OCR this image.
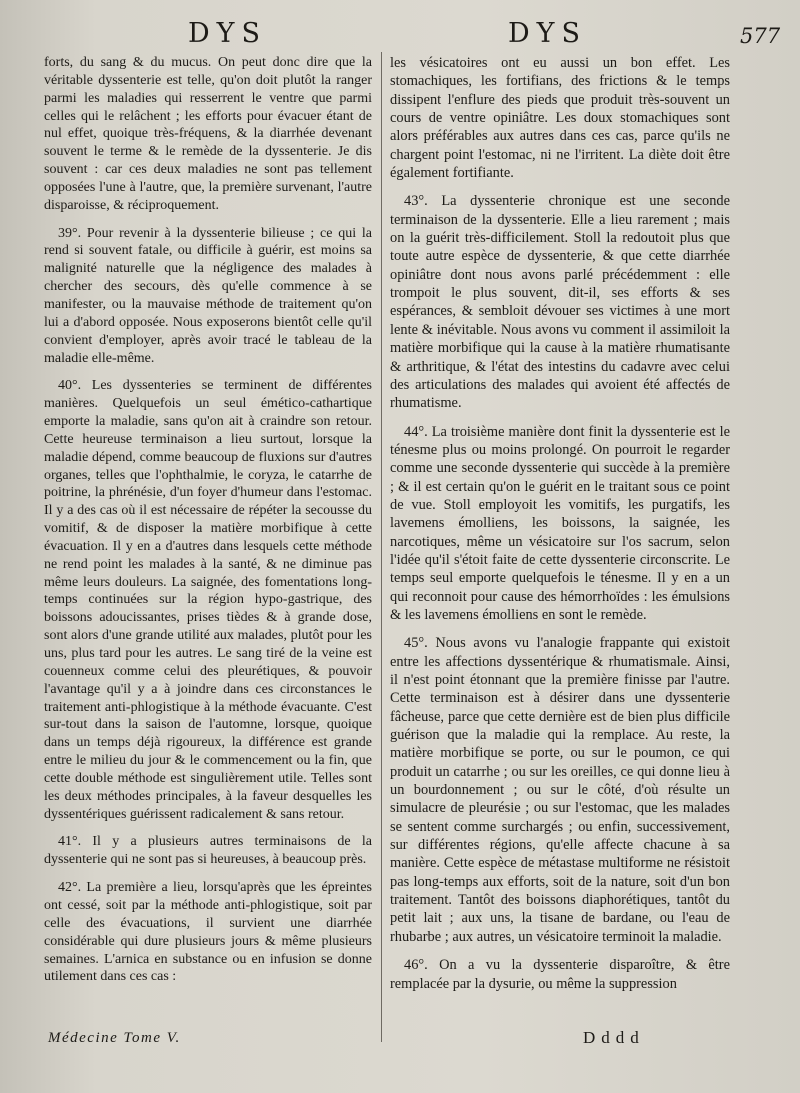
DYS	DYS	577

forts, du sang & du mucus. On peut donc dire que la véritable dyssenterie est telle, qu'on doit plutôt la ranger parmi les maladies qui resserrent le ventre que parmi celles qui le relâchent ; les efforts pour évacuer étant de nul effet, quoique très-fréquens, & la diarrhée devenant souvent le terme & le remède de la dyssenterie. Je dis souvent : car ces deux maladies ne sont pas tellement opposées l'une à l'autre, que, la première survenant, l'autre disparoisse, & réciproquement.

39°. Pour revenir à la dyssenterie bilieuse ; ce qui la rend si souvent fatale, ou difficile à guérir, est moins sa malignité naturelle que la négligence des malades à chercher des secours, dès qu'elle commence à se manifester, ou la mauvaise méthode de traitement qu'on lui a d'abord opposée. Nous exposerons bientôt celle qu'il convient d'employer, après avoir tracé le tableau de la maladie elle-même.

40°. Les dyssenteries se terminent de différentes manières. Quelquefois un seul émético-cathartique emporte la maladie, sans qu'on ait à craindre son retour. Cette heureuse terminaison a lieu surtout, lorsque la maladie dépend, comme beaucoup de fluxions sur d'autres organes, telles que l'ophthalmie, le coryza, le catarrhe de poitrine, la phrénésie, d'un foyer d'humeur dans l'estomac. Il y a des cas où il est nécessaire de répéter la secousse du vomitif, & de disposer la matière morbifique à cette évacuation. Il y en a d'autres dans lesquels cette méthode ne rend point les malades à la santé, & ne diminue pas même leurs douleurs. La saignée, des fomentations long-temps continuées sur la région hypo-gastrique, des boissons adoucissantes, prises tièdes & à grande dose, sont alors d'une grande utilité aux malades, plutôt pour les uns, plus tard pour les autres. Le sang tiré de la veine est couenneux comme celui des pleurétiques, & pouvoir l'avantage qu'il y a à joindre dans ces circonstances le traitement anti-phlogistique à la méthode évacuante. C'est sur-tout dans la saison de l'automne, lorsque, quoique dans un temps déjà rigoureux, la différence est grande entre le milieu du jour & le commencement ou la fin, que cette double méthode est singulièrement utile. Telles sont les deux méthodes principales, à la faveur desquelles les dyssentériques guérissent radicalement & sans retour.

41°. Il y a plusieurs autres terminaisons de la dyssenterie qui ne sont pas si heureuses, à beaucoup près.

42°. La première a lieu, lorsqu'après que les épreintes ont cessé, soit par la méthode anti-phlogistique, soit par celle des évacuations, il survient une diarrhée considérable qui dure plusieurs jours & même plusieurs semaines. L'arnica en substance ou en infusion se donne utilement dans ces cas :

les vésicatoires ont eu aussi un bon effet. Les stomachiques, les fortifians, des frictions & le temps dissipent l'enflure des pieds que produit très-souvent un cours de ventre opiniâtre. Les doux stomachiques sont alors préférables aux autres dans ces cas, parce qu'ils ne chargent point l'estomac, ni ne l'irritent. La diète doit être également fortifiante.

43°. La dyssenterie chronique est une seconde terminaison de la dyssenterie. Elle a lieu rarement ; mais on la guérit très-difficilement. Stoll la redoutoit plus que toute autre espèce de dyssenterie, & que cette diarrhée opiniâtre dont nous avons parlé précédemment : elle trompoit le plus souvent, dit-il, ses efforts & ses espérances, & sembloit dévouer ses victimes à une mort lente & inévitable. Nous avons vu comment il assimiloit la matière morbifique qui la cause à la matière rhumatisante & arthritique, & l'état des intestins du cadavre avec celui des articulations des malades qui avoient été affectés de rhumatisme.

44°. La troisième manière dont finit la dyssenterie est le ténesme plus ou moins prolongé. On pourroit le regarder comme une seconde dyssenterie qui succède à la première ; & il est certain qu'on le guérit en le traitant sous ce point de vue. Stoll employoit les vomitifs, les purgatifs, les lavemens émolliens, les boissons, la saignée, les narcotiques, même un vésicatoire sur l'os sacrum, selon l'idée qu'il s'étoit faite de cette dyssenterie circonscrite. Le temps seul emporte quelquefois le ténesme. Il y en a un qui reconnoit pour cause des hémorrhoïdes : les émulsions & les lavemens émolliens en sont le remède.

45°. Nous avons vu l'analogie frappante qui existoit entre les affections dyssentérique & rhumatismale. Ainsi, il n'est point étonnant que la première finisse par l'autre. Cette terminaison est à désirer dans une dyssenterie fâcheuse, parce que cette dernière est de bien plus difficile guérison que la maladie qui la remplace. Au reste, la matière morbifique se porte, ou sur le poumon, ce qui produit un catarrhe ; ou sur les oreilles, ce qui donne lieu à un bourdonnement ; ou sur le côté, d'où résulte un simulacre de pleurésie ; ou sur l'estomac, que les malades se sentent comme surchargés ; ou enfin, successivement, sur différentes régions, qu'elle affecte chacune à sa manière. Cette espèce de métastase multiforme ne résistoit pas long-temps aux efforts, soit de la nature, soit d'un bon traitement. Tantôt des boissons diaphorétiques, tantôt du petit lait ; aux uns, la tisane de bardane, ou l'eau de rhubarbe ; aux autres, un vésicatoire terminoit la maladie.

46°. On a vu la dyssenterie disparoître, & être remplacée par la dysurie, ou même la suppression

Médecine Tome V.	Dddd
